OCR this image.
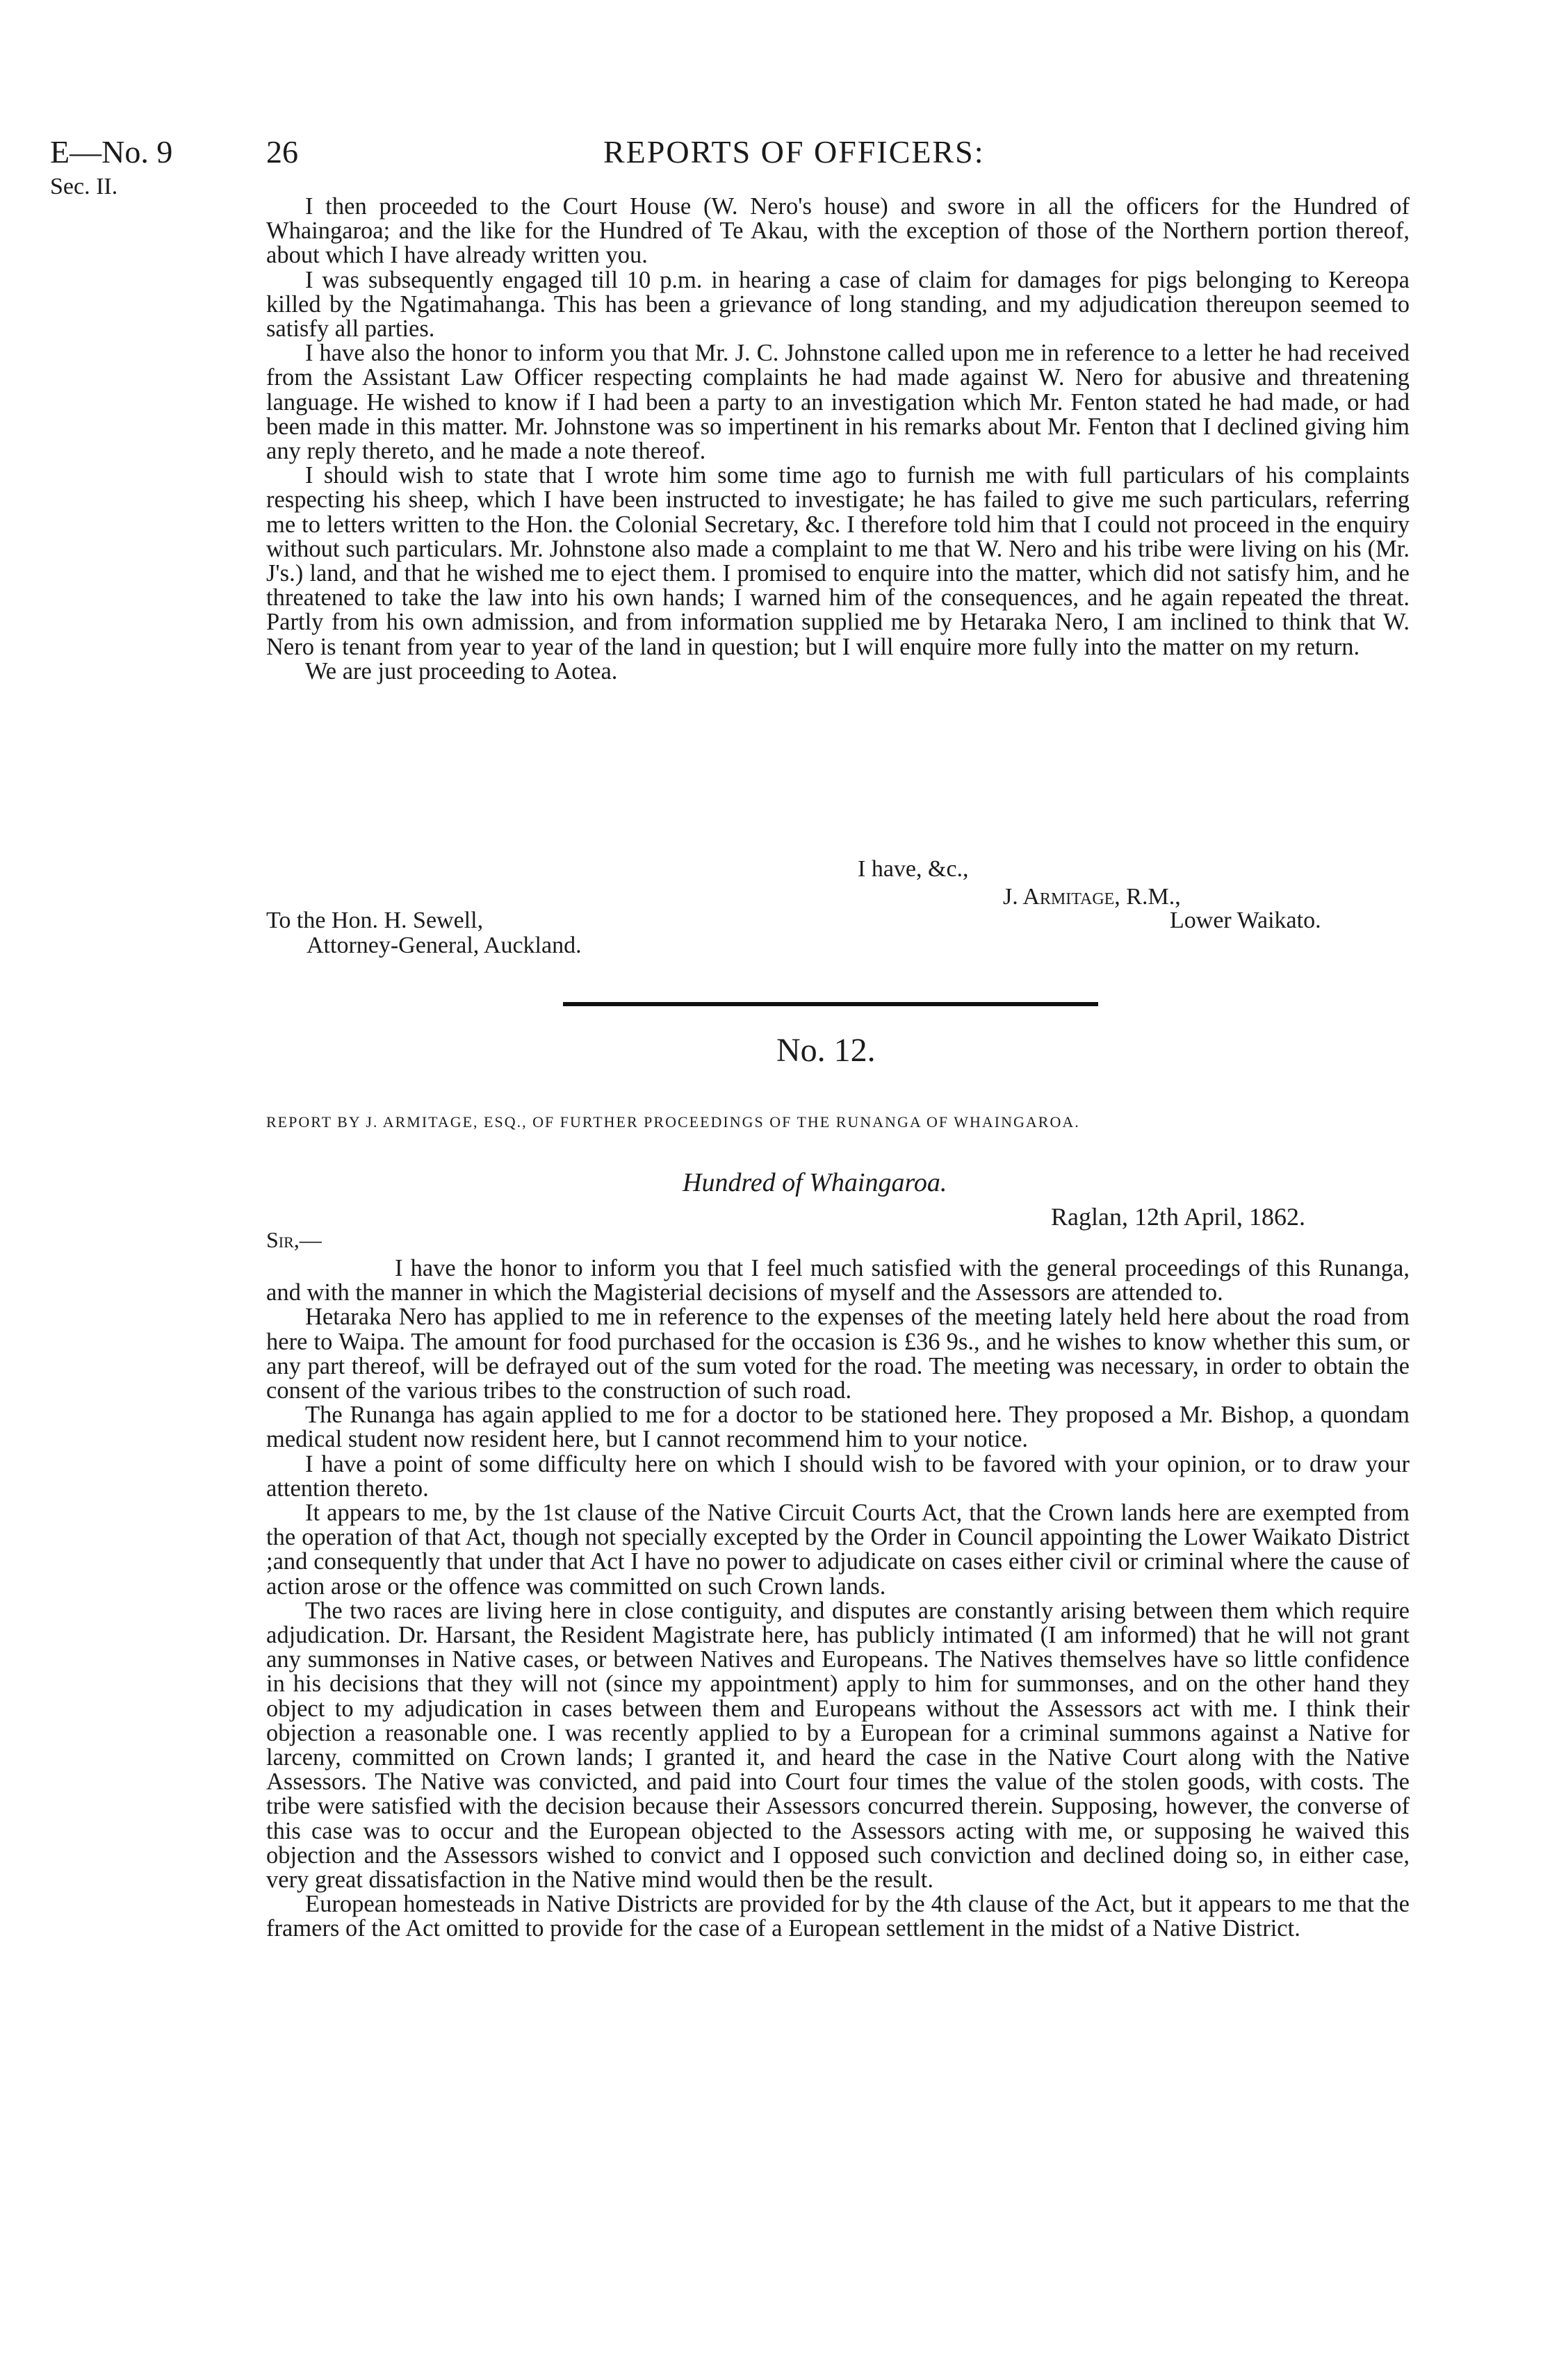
E—No. 9	26	REPORTS OF OFFICERS:
Sec. II.

I then proceeded to the Court House (W. Nero's house) and swore in all the officers for the Hundred of Whaingaroa; and the like for the Hundred of Te Akau, with the exception of those of the Northern portion thereof, about which I have already written you.

I was subsequently engaged till 10 p.m. in hearing a case of claim for damages for pigs belonging to Kereopa killed by the Ngatimahanga. This has been a grievance of long standing, and my adjudication thereupon seemed to satisfy all parties.

I have also the honor to inform you that Mr. J. C. Johnstone called upon me in reference to a letter he had received from the Assistant Law Officer respecting complaints he had made against W. Nero for abusive and threatening language. He wished to know if I had been a party to an investigation which Mr. Fenton stated he had made, or had been made in this matter. Mr. Johnstone was so impertinent in his remarks about Mr. Fenton that I declined giving him any reply thereto, and he made a note thereof.

I should wish to state that I wrote him some time ago to furnish me with full particulars of his complaints respecting his sheep, which I have been instructed to investigate; he has failed to give me such particulars, referring me to letters written to the Hon. the Colonial Secretary, &c. I therefore told him that I could not proceed in the enquiry without such particulars. Mr. Johnstone also made a complaint to me that W. Nero and his tribe were living on his (Mr. J's.) land, and that he wished me to eject them. I promised to enquire into the matter, which did not satisfy him, and he threatened to take the law into his own hands; I warned him of the consequences, and he again repeated the threat. Partly from his own admission, and from information supplied me by Hetaraka Nero, I am inclined to think that W. Nero is tenant from year to year of the land in question; but I will enquire more fully into the matter on my return.

We are just proceeding to Aotea.

I have, &c.,
J. Armitage, R.M.,
Lower Waikato.
To the Hon. H. Sewell,
Attorney-General, Auckland.
No. 12.
REPORT BY J. ARMITAGE, ESQ., OF FURTHER PROCEEDINGS OF THE RUNANGA OF WHAINGAROA.
Hundred of Whaingaroa.
Raglan, 12th April, 1862.
Sir,—

I have the honor to inform you that I feel much satisfied with the general proceedings of this Runanga, and with the manner in which the Magisterial decisions of myself and the Assessors are attended to.

Hetaraka Nero has applied to me in reference to the expenses of the meeting lately held here about the road from here to Waipa. The amount for food purchased for the occasion is £36 9s., and he wishes to know whether this sum, or any part thereof, will be defrayed out of the sum voted for the road. The meeting was necessary, in order to obtain the consent of the various tribes to the construction of such road.

The Runanga has again applied to me for a doctor to be stationed here. They proposed a Mr. Bishop, a quondam medical student now resident here, but I cannot recommend him to your notice.

I have a point of some difficulty here on which I should wish to be favored with your opinion, or to draw your attention thereto.

It appears to me, by the 1st clause of the Native Circuit Courts Act, that the Crown lands here are exempted from the operation of that Act, though not specially excepted by the Order in Council appointing the Lower Waikato District ;and consequently that under that Act I have no power to adjudicate on cases either civil or criminal where the cause of action arose or the offence was committed on such Crown lands.

The two races are living here in close contiguity, and disputes are constantly arising between them which require adjudication. Dr. Harsant, the Resident Magistrate here, has publicly intimated (I am informed) that he will not grant any summonses in Native cases, or between Natives and Europeans. The Natives themselves have so little confidence in his decisions that they will not (since my appointment) apply to him for summonses, and on the other hand they object to my adjudication in cases between them and Europeans without the Assessors act with me. I think their objection a reasonable one. I was recently applied to by a European for a criminal summons against a Native for larceny, committed on Crown lands; I granted it, and heard the case in the Native Court along with the Native Assessors. The Native was convicted, and paid into Court four times the value of the stolen goods, with costs. The tribe were satisfied with the decision because their Assessors concurred therein. Supposing, however, the converse of this case was to occur and the European objected to the Assessors acting with me, or supposing he waived this objection and the Assessors wished to convict and I opposed such conviction and declined doing so, in either case, very great dissatisfaction in the Native mind would then be the result.

European homesteads in Native Districts are provided for by the 4th clause of the Act, but it appears to me that the framers of the Act omitted to provide for the case of a European settlement in the midst of a Native District.
